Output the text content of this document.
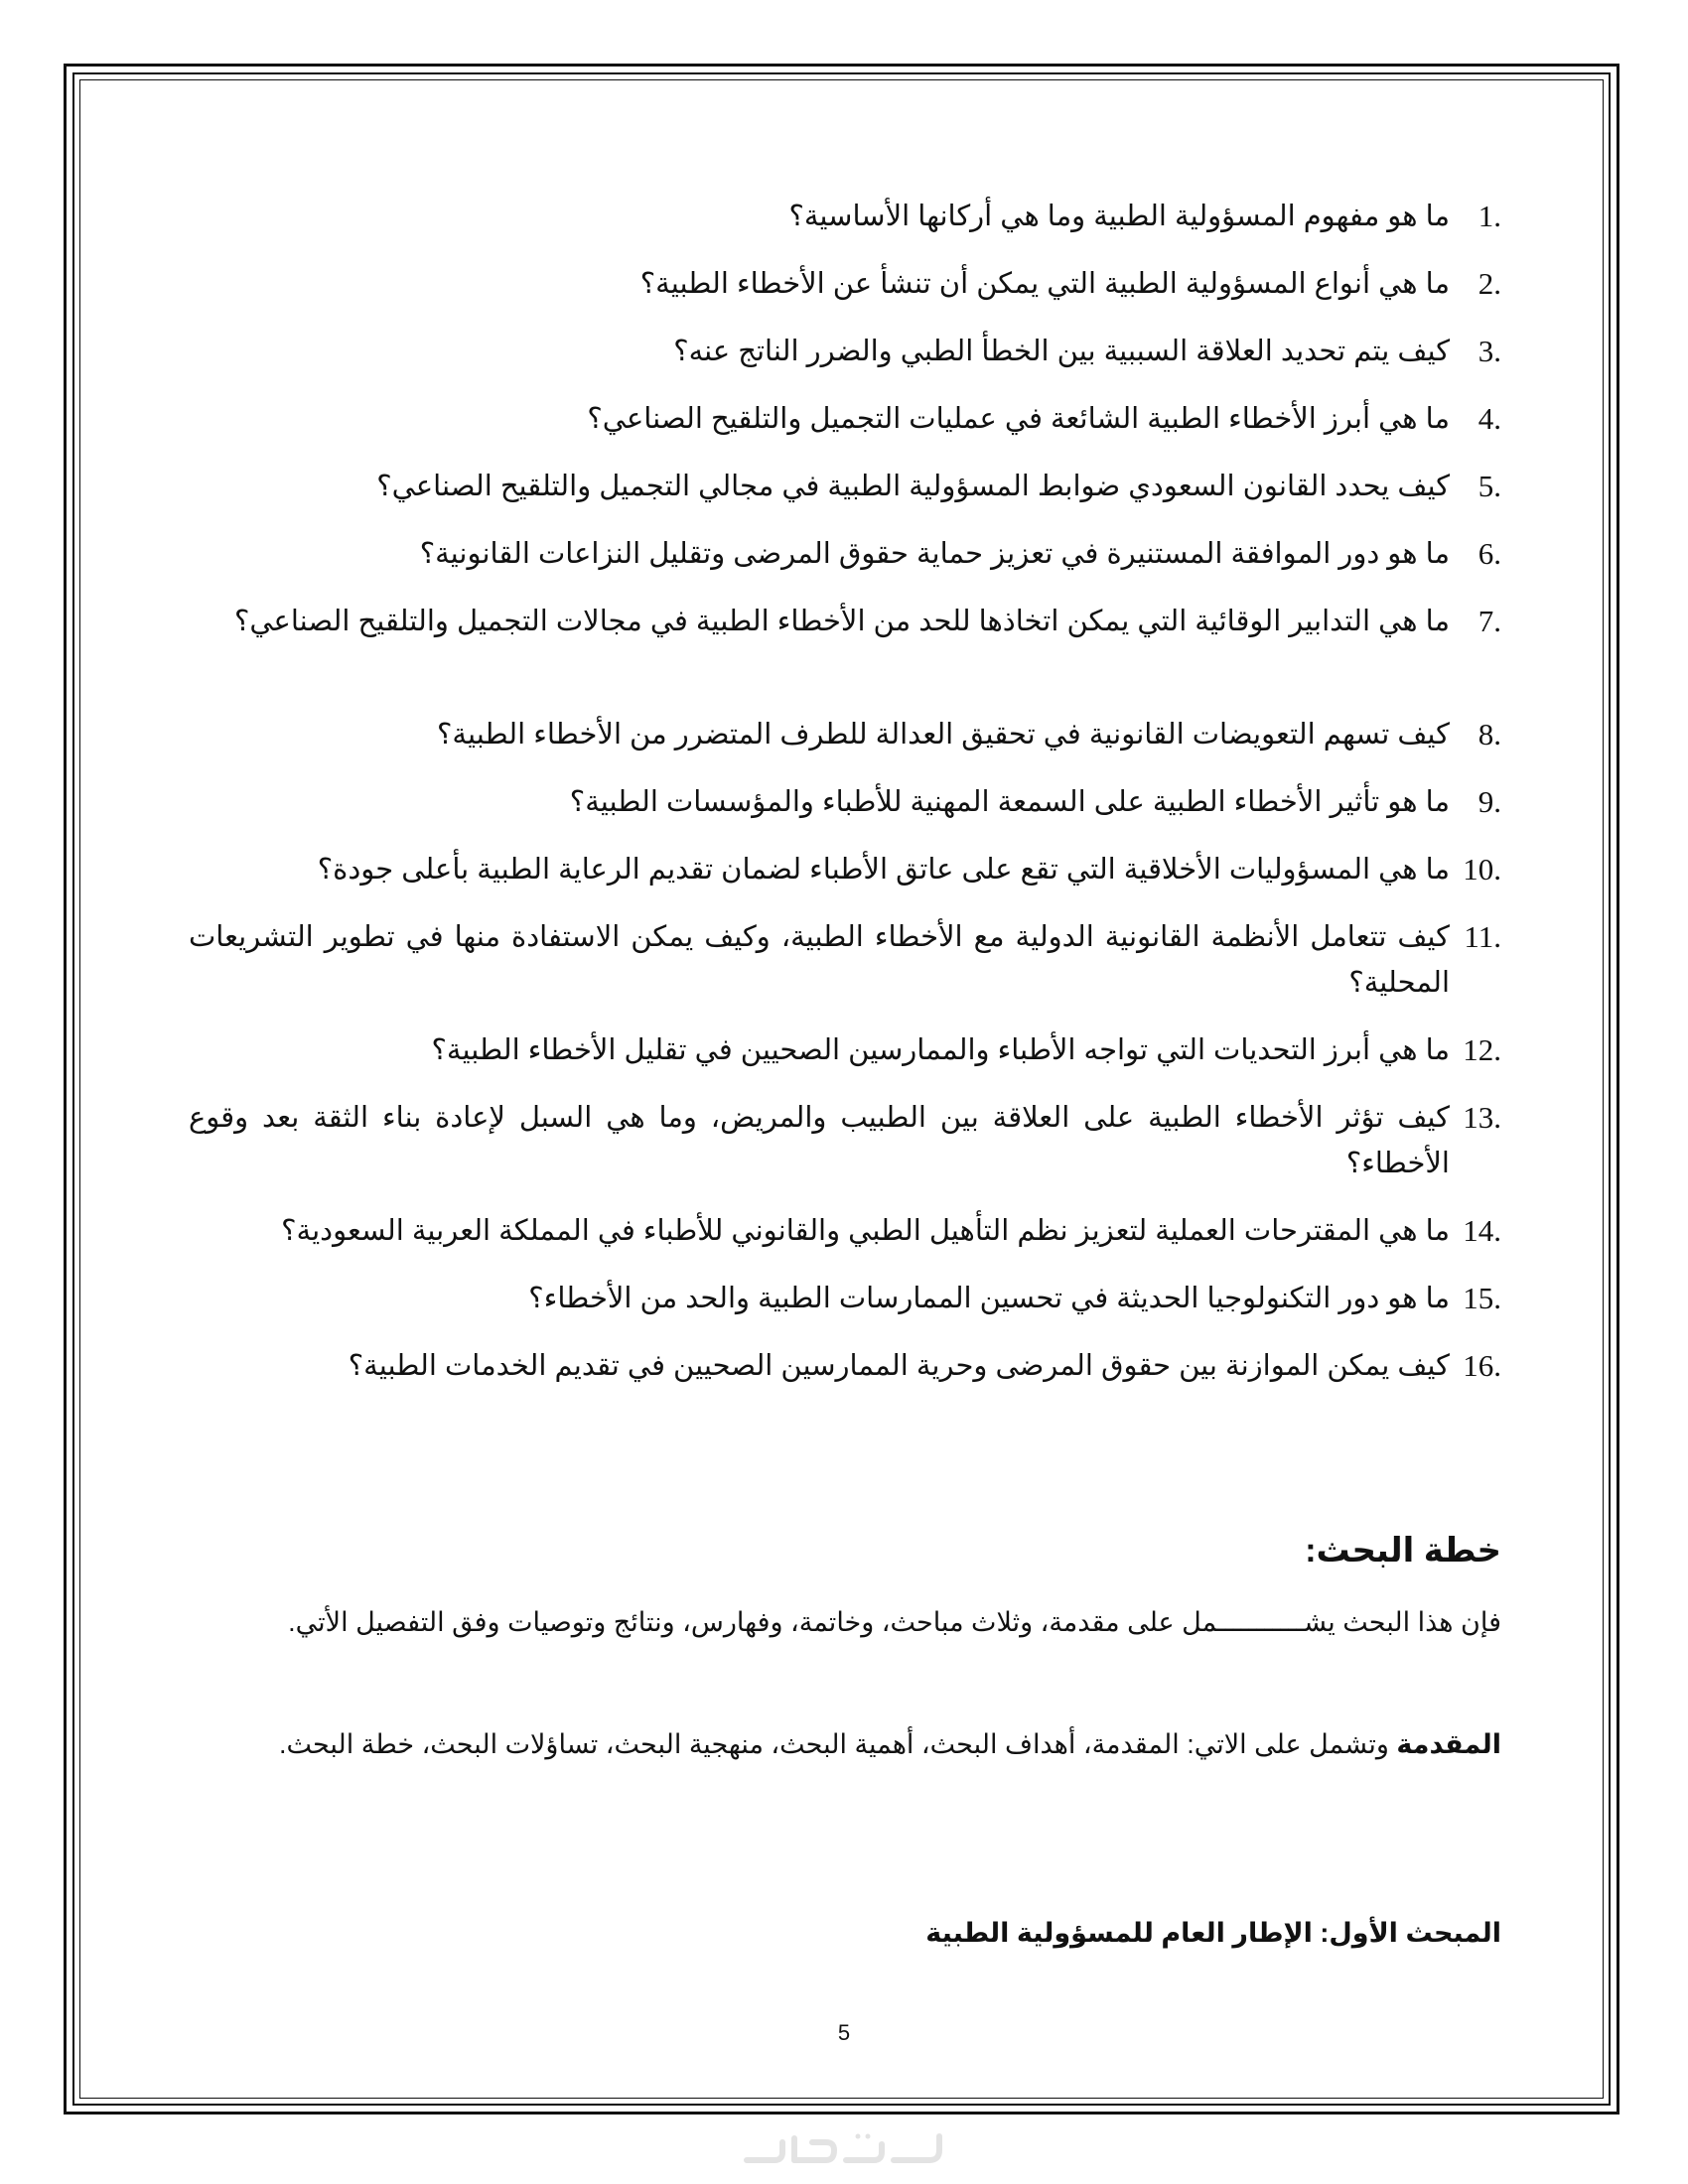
1.
ما هو مفهوم المسؤولية الطبية وما هي أركانها الأساسية؟
2.
ما هي أنواع المسؤولية الطبية التي يمكن أن تنشأ عن الأخطاء الطبية؟
3.
كيف يتم تحديد العلاقة السببية بين الخطأ الطبي والضرر الناتج عنه؟
4.
ما هي أبرز الأخطاء الطبية الشائعة في عمليات التجميل والتلقيح الصناعي؟
5.
كيف يحدد القانون السعودي ضوابط المسؤولية الطبية في مجالي التجميل والتلقيح الصناعي؟
6.
ما هو دور الموافقة المستنيرة في تعزيز حماية حقوق المرضى وتقليل النزاعات القانونية؟
7.
ما هي التدابير الوقائية التي يمكن اتخاذها للحد من الأخطاء الطبية في مجالات التجميل والتلقيح الصناعي؟
8.
كيف تسهم التعويضات القانونية في تحقيق العدالة للطرف المتضرر من الأخطاء الطبية؟
9.
ما هو تأثير الأخطاء الطبية على السمعة المهنية للأطباء والمؤسسات الطبية؟
10.
ما هي المسؤوليات الأخلاقية التي تقع على عاتق الأطباء لضمان تقديم الرعاية الطبية بأعلى جودة؟
11.
كيف تتعامل الأنظمة القانونية الدولية مع الأخطاء الطبية، وكيف يمكن الاستفادة منها في تطوير التشريعات المحلية؟
12.
ما هي أبرز التحديات التي تواجه الأطباء والممارسين الصحيين في تقليل الأخطاء الطبية؟
13.
كيف تؤثر الأخطاء الطبية على العلاقة بين الطبيب والمريض، وما هي السبل لإعادة بناء الثقة بعد وقوع الأخطاء؟
14.
ما هي المقترحات العملية لتعزيز نظم التأهيل الطبي والقانوني للأطباء في المملكة العربية السعودية؟
15.
ما هو دور التكنولوجيا الحديثة في تحسين الممارسات الطبية والحد من الأخطاء؟
16.
كيف يمكن الموازنة بين حقوق المرضى وحرية الممارسين الصحيين في تقديم الخدمات الطبية؟
خطة البحث:

فإن هذا البحث يشـــــــــــمل على مقدمة، وثلاث مباحث، وخاتمة، وفهارس، ونتائج وتوصيات وفق التفصيل الأتي.

المقدمة وتشمل على الاتي: المقدمة، أهداف البحث، أهمية البحث، منهجية البحث، تساؤلات البحث، خطة البحث.

المبحث الأول: الإطار العام للمسؤولية الطبية
5
